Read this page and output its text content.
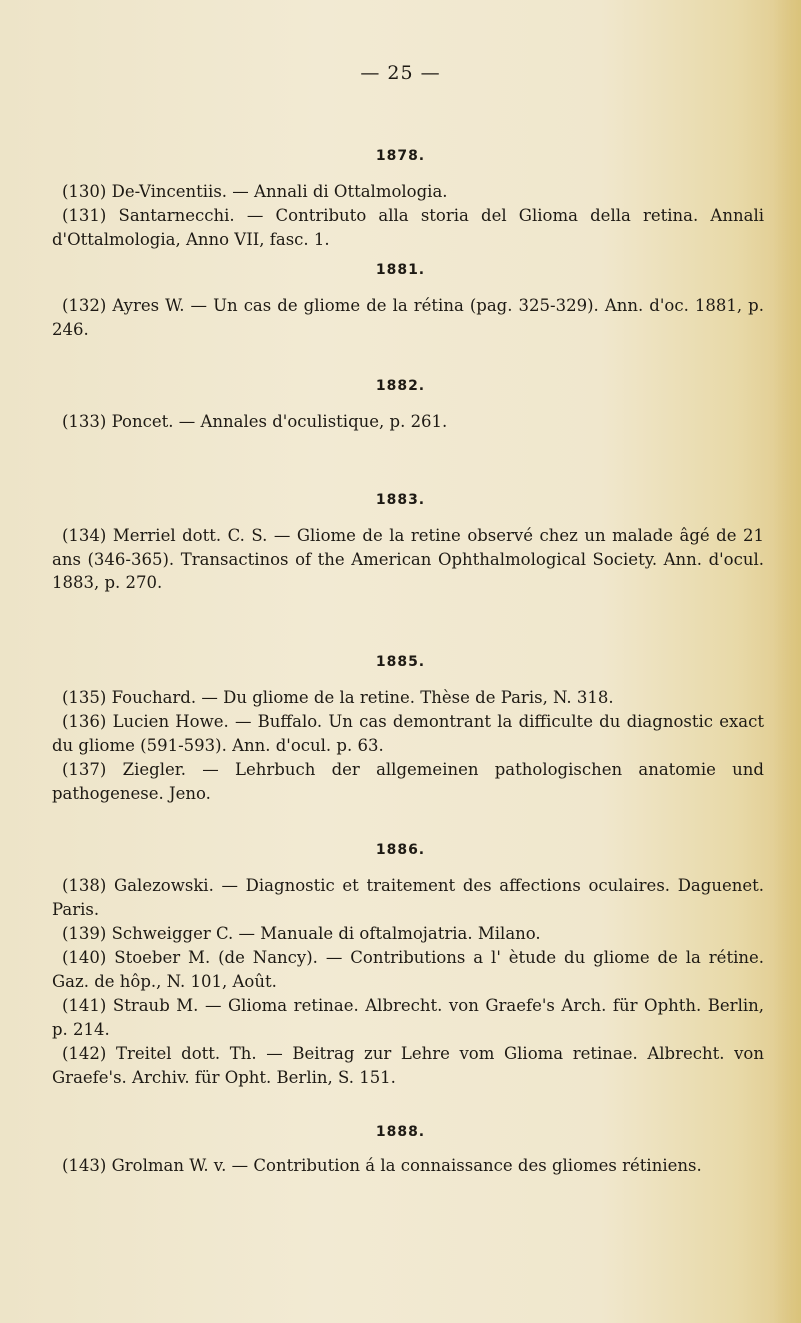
— 25 —
1878.
(130) De-Vincentiis. — Annali di Ottalmologia.
(131) Santarnecchi. — Contributo alla storia del Glioma della retina. Annali d'Ottalmologia, Anno VII, fasc. 1.
1881.
(132) Ayres W. — Un cas de gliome de la rétina (pag. 325-329). Ann. d'oc. 1881, p. 246.
1882.
(133) Poncet. — Annales d'oculistique, p. 261.
1883.
(134) Merriel dott. C. S. — Gliome de la retine observé chez un malade âgé de 21 ans (346-365). Transactinos of the American Ophthalmological Society. Ann. d'ocul. 1883, p. 270.
1885.
(135) Fouchard. — Du gliome de la retine. Thèse de Paris, N. 318.
(136) Lucien Howe. — Buffalo. Un cas demontrant la difficulte du diagnostic exact du gliome (591-593). Ann. d'ocul. p. 63.
(137) Ziegler. — Lehrbuch der allgemeinen pathologischen anatomie und pathogenese. Jeno.
1886.
(138) Galezowski. — Diagnostic et traitement des affections oculaires. Daguenet. Paris.
(139) Schweigger C. — Manuale di oftalmojatria. Milano.
(140) Stoeber M. (de Nancy). — Contributions a l' ètude du gliome de la rétine. Gaz. de hôp., N. 101, Août.
(141) Straub M. — Glioma retinae. Albrecht. von Graefe's Arch. für Ophth. Berlin, p. 214.
(142) Treitel dott. Th. — Beitrag zur Lehre vom Glioma retinae. Albrecht. von Graefe's. Archiv. für Opht. Berlin, S. 151.
1888.
(143) Grolman W. v. — Contribution á la connaissance des gliomes rétiniens.
